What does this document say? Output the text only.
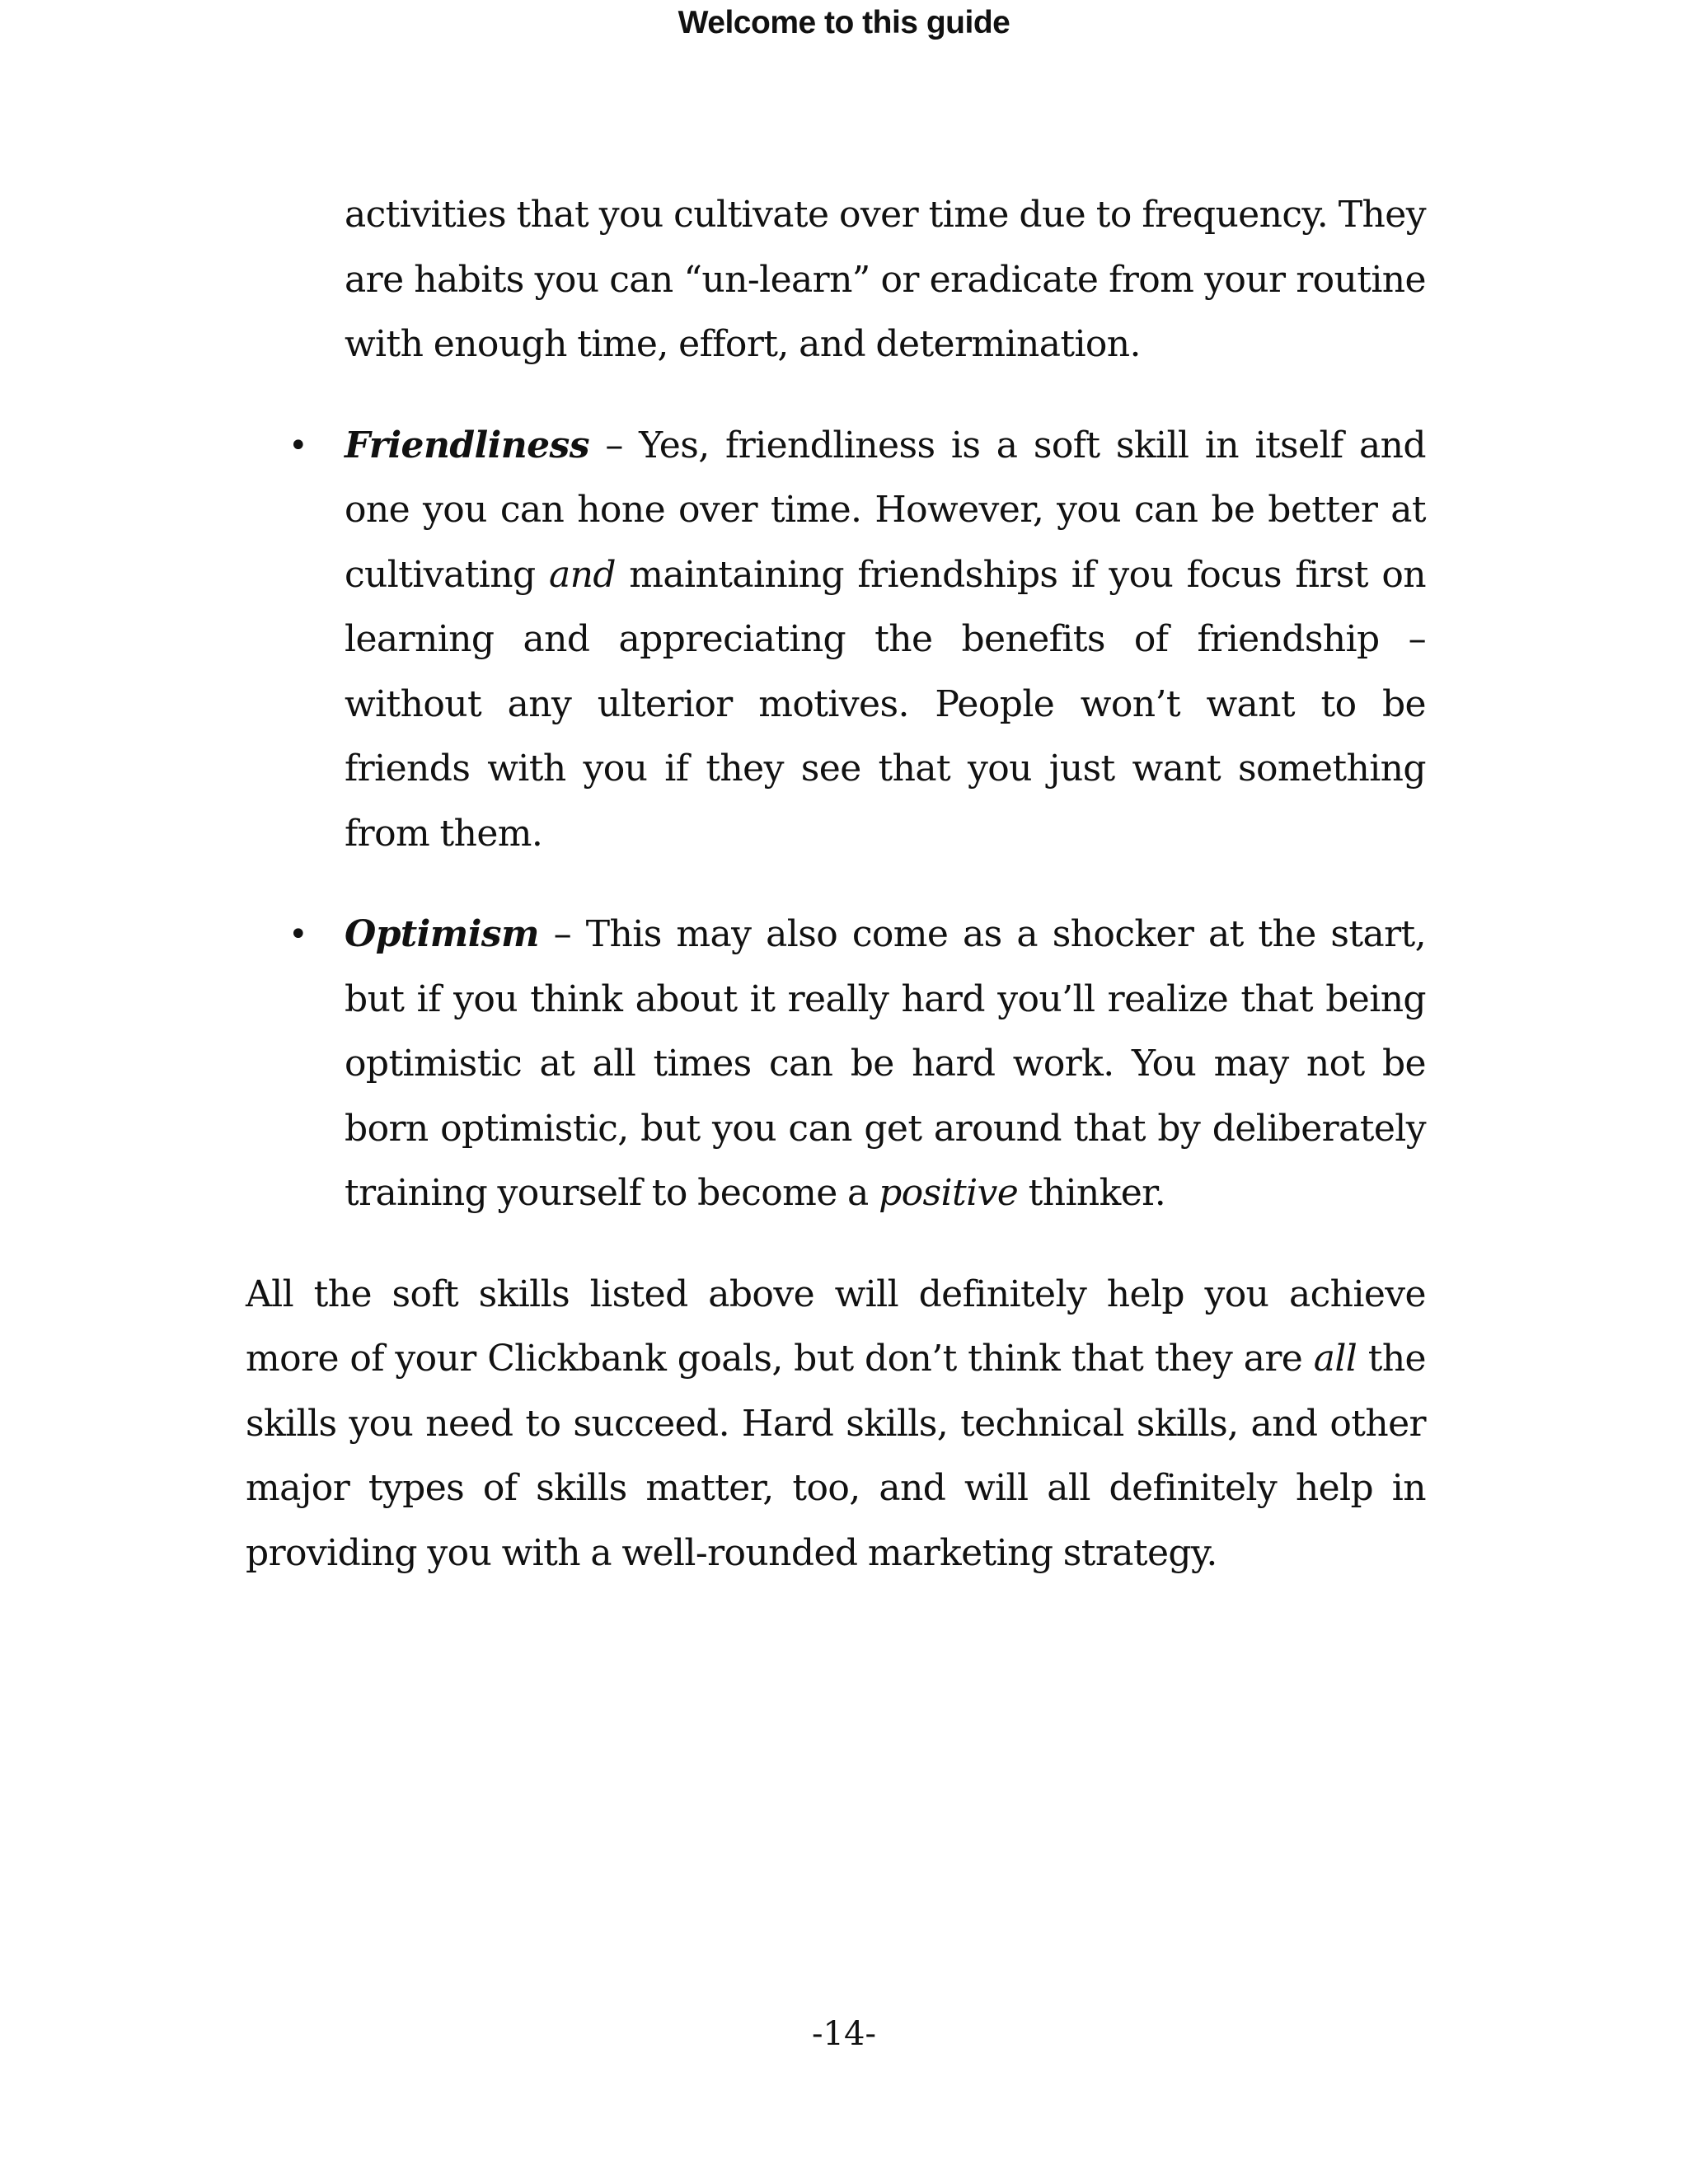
Welcome to this guide

activities that you cultivate over time due to frequency. They are habits you can “un-learn” or eradicate from your routine with enough time, effort, and determination.

• Friendliness – Yes, friendliness is a soft skill in itself and one you can hone over time. However, you can be better at cultivating and maintaining friendships if you focus first on learning and appreciating the benefits of friendship – without any ulterior motives. People won’t want to be friends with you if they see that you just want something from them.

• Optimism – This may also come as a shocker at the start, but if you think about it really hard you’ll realize that being optimistic at all times can be hard work. You may not be born optimistic, but you can get around that by deliberately training yourself to become a positive thinker.

All the soft skills listed above will definitely help you achieve more of your Clickbank goals, but don’t think that they are all the skills you need to succeed. Hard skills, technical skills, and other major types of skills matter, too, and will all definitely help in providing you with a well-rounded marketing strategy.

-14-
